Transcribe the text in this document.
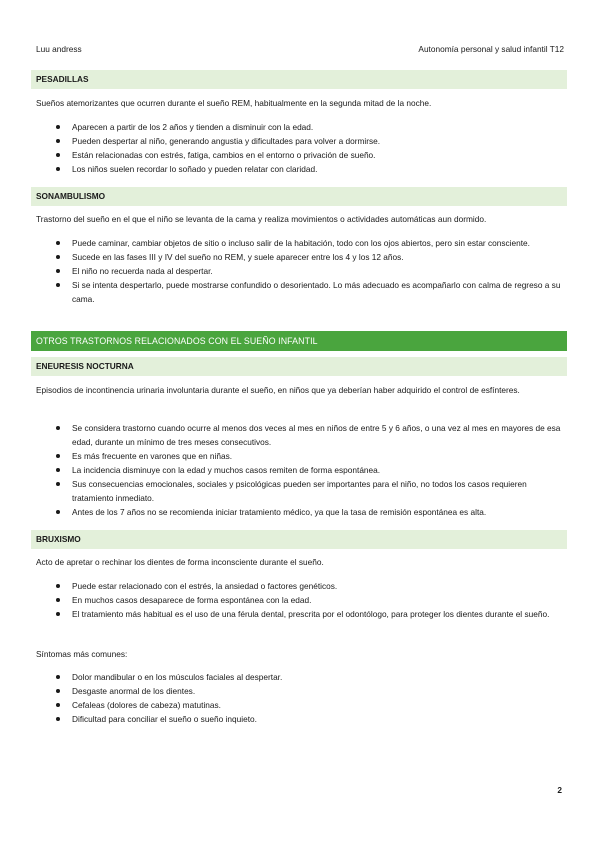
Luu andress	Autonomía personal y salud infantil T12
PESADILLAS
Sueños atemorizantes que ocurren durante el sueño REM, habitualmente en la segunda mitad de la noche.
Aparecen a partir de los 2 años y tienden a disminuir con la edad.
Pueden despertar al niño, generando angustia y dificultades para volver a dormirse.
Están relacionadas con estrés, fatiga, cambios en el entorno o privación de sueño.
Los niños suelen recordar lo soñado y pueden relatar con claridad.
SONAMBULISMO
Trastorno del sueño en el que el niño se levanta de la cama y realiza movimientos o actividades automáticas aun dormido.
Puede caminar, cambiar objetos de sitio o incluso salir de la habitación, todo con los ojos abiertos, pero sin estar consciente.
Sucede en las fases III y IV del sueño no REM, y suele aparecer entre los 4 y los 12 años.
El niño no recuerda nada al despertar.
Si se intenta despertarlo, puede mostrarse confundido o desorientado. Lo más adecuado es acompañarlo con calma de regreso a su cama.
OTROS TRASTORNOS RELACIONADOS CON EL SUEÑO INFANTIL
ENEURESIS NOCTURNA
Episodios de incontinencia urinaria involuntaria durante el sueño, en niños que ya deberían haber adquirido el control de esfínteres.
Se considera trastorno cuando ocurre al menos dos veces al mes en niños de entre 5 y 6 años, o una vez al mes en mayores de esa edad, durante un mínimo de tres meses consecutivos.
Es más frecuente en varones que en niñas.
La incidencia disminuye con la edad y muchos casos remiten de forma espontánea.
Sus consecuencias emocionales, sociales y psicológicas pueden ser importantes para el niño, no todos los casos requieren tratamiento inmediato.
Antes de los 7 años no se recomienda iniciar tratamiento médico, ya que la tasa de remisión espontánea es alta.
BRUXISMO
Acto de apretar o rechinar los dientes de forma inconsciente durante el sueño.
Puede estar relacionado con el estrés, la ansiedad o factores genéticos.
En muchos casos desaparece de forma espontánea con la edad.
El tratamiento más habitual es el uso de una férula dental, prescrita por el odontólogo, para proteger los dientes durante el sueño.
Síntomas más comunes:
Dolor mandibular o en los músculos faciales al despertar.
Desgaste anormal de los dientes.
Cefaleas (dolores de cabeza) matutinas.
Dificultad para conciliar el sueño o sueño inquieto.
2
